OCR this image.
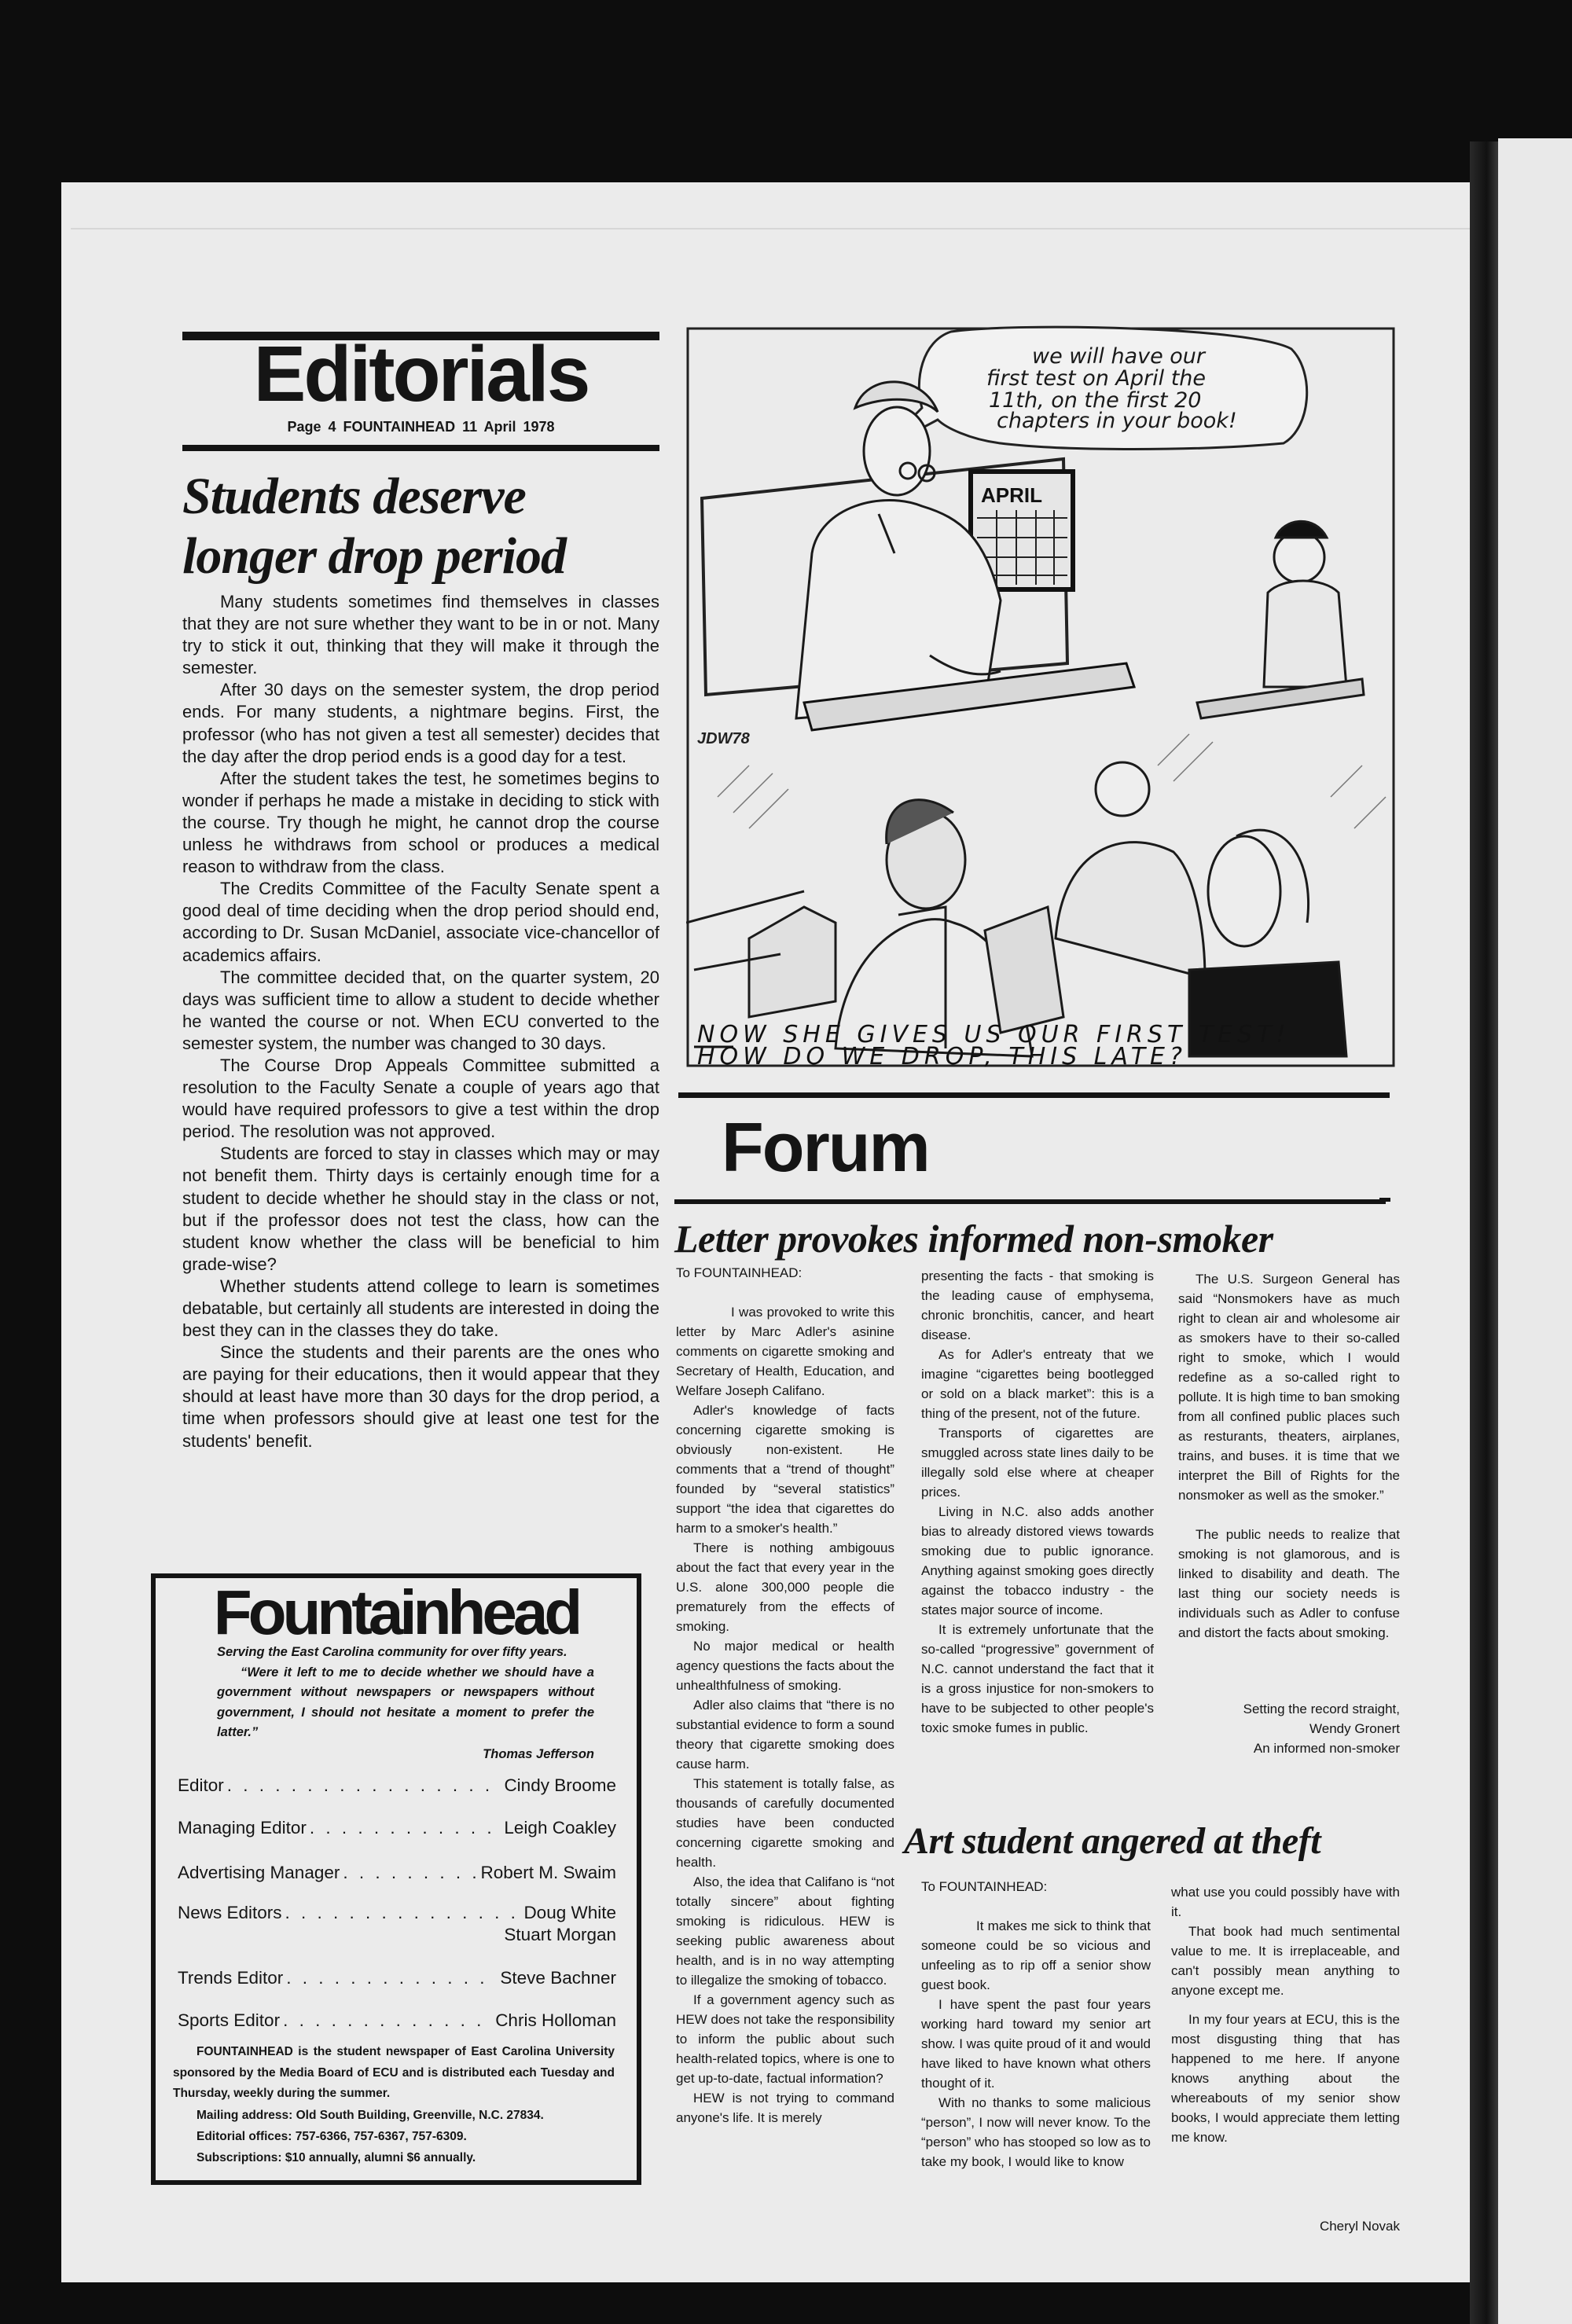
Editorials
Page 4 FOUNTAINHEAD 11 April 1978
Students deserve
longer drop period

Many students sometimes find themselves in classes that they are not sure whether they want to be in or not. Many try to stick it out, thinking that they will make it through the semester.

After 30 days on the semester system, the drop period ends. For many students, a nightmare begins. First, the professor (who has not given a test all semester) decides that the day after the drop period ends is a good day for a test.

After the student takes the test, he sometimes begins to wonder if perhaps he made a mistake in deciding to stick with the course. Try though he might, he cannot drop the course unless he withdraws from school or produces a medical reason to withdraw from the class.

The Credits Committee of the Faculty Senate spent a good deal of time deciding when the drop period should end, according to Dr. Susan McDaniel, associate vice-chancellor of academics affairs.

The committee decided that, on the quarter system, 20 days was sufficient time to allow a student to decide whether he wanted the course or not. When ECU converted to the semester system, the number was changed to 30 days.

The Course Drop Appeals Committee submitted a resolution to the Faculty Senate a couple of years ago that would have required professors to give a test within the drop period. The resolution was not approved.

Students are forced to stay in classes which may or may not benefit them. Thirty days is certainly enough time for a student to decide whether he should stay in the class or not, but if the professor does not test the class, how can the student know whether the class will be beneficial to him grade-wise?

Whether students attend college to learn is sometimes debatable, but certainly all students are interested in doing the best they can in the classes they do take.

Since the students and their parents are the ones who are paying for their educations, then it would appear that they should at least have more than 30 days for the drop period, a time when professors should give at least one test for the students' benefit.

Fountainhead

Serving the East Carolina community for over fifty years.

“Were it left to me to decide whether we should have a government without newspapers or newspapers without government, I should not hesitate a moment to prefer the latter.”

Thomas Jefferson

Editor . . .	Cindy Broome
Managing Editor . . .	Leigh Coakley
Advertising Manager . . .	Robert M. Swaim
News Editors . . .	Doug White
Stuart Morgan
Trends Editor . . .	Steve Bachner
Sports Editor . . .	Chris Holloman

FOUNTAINHEAD is the student newspaper of East Carolina University sponsored by the Media Board of ECU and is distributed each Tuesday and Thursday, weekly during the summer.

Mailing address: Old South Building, Greenville, N.C. 27834.

Editorial offices: 757-6366, 757-6367, 757-6309.

Subscriptions: $10 annually, alumni $6 annually.

we will have our
first test on April the
11th, on the first 20
chapters in your book!
APRIL
JDW78
NOW SHE GIVES US OUR FIRST TEST!
HOW DO WE DROP, THIS LATE?
Forum
Letter provokes informed non-smoker

To FOUNTAINHEAD:

I was provoked to write this letter by Marc Adler's asinine comments on cigarette smoking and Secretary of Health, Education, and Welfare Joseph Califano.

Adler's knowledge of facts concerning cigarette smoking is obviously non-existent. He comments that a “trend of thought” founded by “several statistics” support “the idea that cigarettes do harm to a smoker's health.”

There is nothing ambigouus about the fact that every year in the U.S. alone 300,000 people die prematurely from the effects of smoking.

No major medical or health agency questions the facts about the unhealthfulness of smoking.

Adler also claims that “there is no substantial evidence to form a sound theory that cigarette smoking does cause harm.

This statement is totally false, as thousands of carefully documented studies have been conducted concerning cigarette smoking and health.

Also, the idea that Califano is “not totally sincere” about fighting smoking is ridiculous. HEW is seeking public awareness about health, and is in no way attempting to illegalize the smoking of tobacco.

If a government agency such as HEW does not take the responsibility to inform the public about such health-related topics, where is one to get up-to-date, factual information?

HEW is not trying to command anyone's life. It is merely

presenting the facts - that smoking is the leading cause of emphysema, chronic bronchitis, cancer, and heart disease.

As for Adler's entreaty that we imagine “cigarettes being bootlegged or sold on a black market”: this is a thing of the present, not of the future.

Transports of cigarettes are smuggled across state lines daily to be illegally sold else where at cheaper prices.

Living in N.C. also adds another bias to already distored views towards smoking due to public ignorance. Anything against smoking goes directly against the tobacco industry - the states major source of income.

It is extremely unfortunate that the so-called “progressive” government of N.C. cannot understand the fact that it is a gross injustice for non-smokers to have to be subjected to other people's toxic smoke fumes in public.

The U.S. Surgeon General has said “Nonsmokers have as much right to clean air and wholesome air as smokers have to their so-called right to smoke, which I would redefine as a so-called right to pollute. It is high time to ban smoking from all confined public places such as resturants, theaters, airplanes, trains, and buses. it is time that we interpret the Bill of Rights for the nonsmoker as well as the smoker.”

The public needs to realize that smoking is not glamorous, and is linked to disability and death. The last thing our society needs is individuals such as Adler to confuse and distort the facts about smoking.

Setting the record straight,

Wendy Gronert

An informed non-smoker

Art student angered at theft

To FOUNTAINHEAD:

It makes me sick to think that someone could be so vicious and unfeeling as to rip off a senior show guest book.

I have spent the past four years working hard toward my senior art show. I was quite proud of it and would have liked to have known what others thought of it.

With no thanks to some malicious “person”, I now will never know. To the “person” who has stooped so low as to take my book, I would like to know

what use you could possibly have with it.

That book had much sentimental value to me. It is irreplaceable, and can't possibly mean anything to anyone except me.

In my four years at ECU, this is the most disgusting thing that has happened to me here. If anyone knows anything about the whereabouts of my senior show books, I would appreciate them letting me know.

Cheryl Novak
